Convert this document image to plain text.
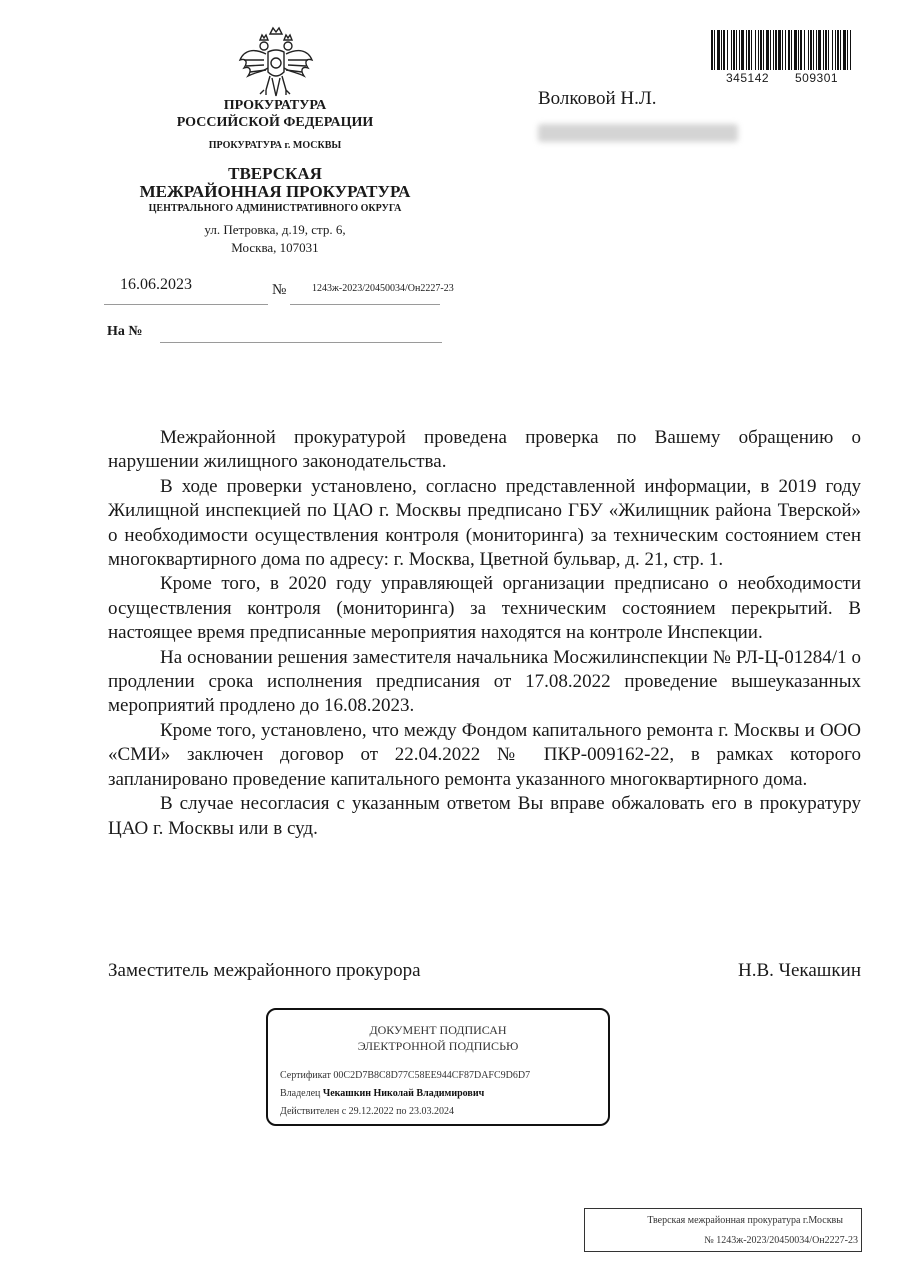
ПРОКУРАТУРА
РОССИЙСКОЙ ФЕДЕРАЦИИ
ПРОКУРАТУРА г. МОСКВЫ
ТВЕРСКАЯ
МЕЖРАЙОННАЯ ПРОКУРАТУРА
ЦЕНТРАЛЬНОГО АДМИНИСТРАТИВНОГО ОКРУГА
ул. Петровка, д.19, стр. 6,
Москва, 107031
16.06.2023	№	1243ж-2023/20450034/Он2227-23
На №
345142 509301
Волковой Н.Л.

Межрайонной прокуратурой проведена проверка по Вашему обращению о нарушении жилищного законодательства.

В ходе проверки установлено, согласно представленной информации, в 2019 году Жилищной инспекцией по ЦАО г. Москвы предписано ГБУ «Жилищник района Тверской» о необходимости осуществления контроля (мониторинга) за техническим состоянием стен многоквартирного дома по адресу: г. Москва, Цветной бульвар, д. 21, стр. 1.

Кроме того, в 2020 году управляющей организации предписано о необходимости осуществления контроля (мониторинга) за техническим состоянием перекрытий. В настоящее время предписанные мероприятия находятся на контроле Инспекции.

На основании решения заместителя начальника Мосжилинспекции № РЛ-Ц-01284/1 о продлении срока исполнения предписания от 17.08.2022 проведение вышеуказанных мероприятий продлено до 16.08.2023.

Кроме того, установлено, что между Фондом капитального ремонта г. Москвы и ООО «СМИ» заключен договор от 22.04.2022 № ПКР-009162-22, в рамках которого запланировано проведение капитального ремонта указанного многоквартирного дома.

В случае несогласия с указанным ответом Вы вправе обжаловать его в прокуратуру ЦАО г. Москвы или в суд.

Заместитель межрайонного прокурора	Н.В. Чекашкин
ДОКУМЕНТ ПОДПИСАН
ЭЛЕКТРОННОЙ ПОДПИСЬЮ
Сертификат 00C2D7B8C8D77C58EE944CF87DAFC9D6D7
Владелец Чекашкин Николай Владимирович
Действителен с 29.12.2022 по 23.03.2024
Тверская межрайонная прокуратура г.Москвы
№ 1243ж-2023/20450034/Он2227-23
